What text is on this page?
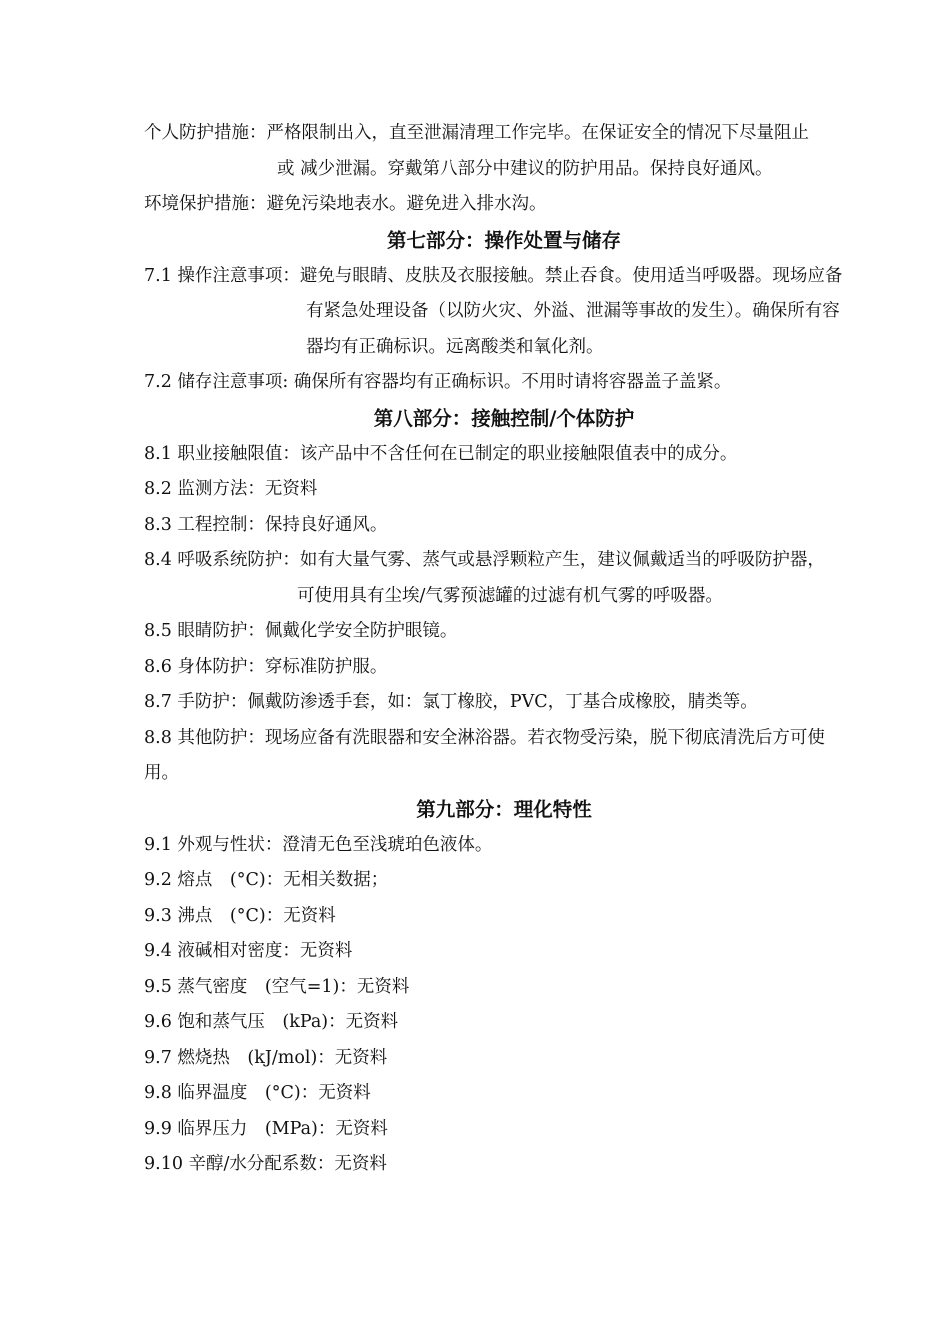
个人防护措施：严格限制出入，直至泄漏清理工作完毕。在保证安全的情况下尽量阻止
或 减少泄漏。穿戴第八部分中建议的防护用品。保持良好通风。
环境保护措施：避免污染地表水。避免进入排水沟。
第七部分：操作处置与储存
7.1 操作注意事项：避免与眼睛、皮肤及衣服接触。禁止吞食。使用适当呼吸器。现场应备
有紧急处理设备（以防火灾、外溢、泄漏等事故的发生）。确保所有容
器均有正确标识。远离酸类和氧化剂。
7.2 储存注意事项: 确保所有容器均有正确标识。不用时请将容器盖子盖紧。
第八部分：接触控制/个体防护
8.1 职业接触限值：该产品中不含任何在已制定的职业接触限值表中的成分。
8.2 监测方法：无资料
8.3 工程控制：保持良好通风。
8.4 呼吸系统防护：如有大量气雾、蒸气或悬浮颗粒产生，建议佩戴适当的呼吸防护器，
可使用具有尘埃/气雾预滤罐的过滤有机气雾的呼吸器。
8.5 眼睛防护：佩戴化学安全防护眼镜。
8.6 身体防护：穿标准防护服。
8.7 手防护：佩戴防渗透手套，如：氯丁橡胶，PVC，丁基合成橡胶，腈类等。
8.8 其他防护：现场应备有洗眼器和安全淋浴器。若衣物受污染，脱下彻底清洗后方可使
用。
第九部分：理化特性
9.1 外观与性状：澄清无色至浅琥珀色液体。
9.2 熔点　(°C)：无相关数据；
9.3 沸点　(°C)：无资料
9.4 液碱相对密度：无资料
9.5 蒸气密度　(空气=1)：无资料
9.6 饱和蒸气压　(kPa)：无资料
9.7 燃烧热　(kJ/mol)：无资料
9.8 临界温度　(°C)：无资料
9.9 临界压力　(MPa)：无资料
9.10 辛醇/水分配系数：无资料
